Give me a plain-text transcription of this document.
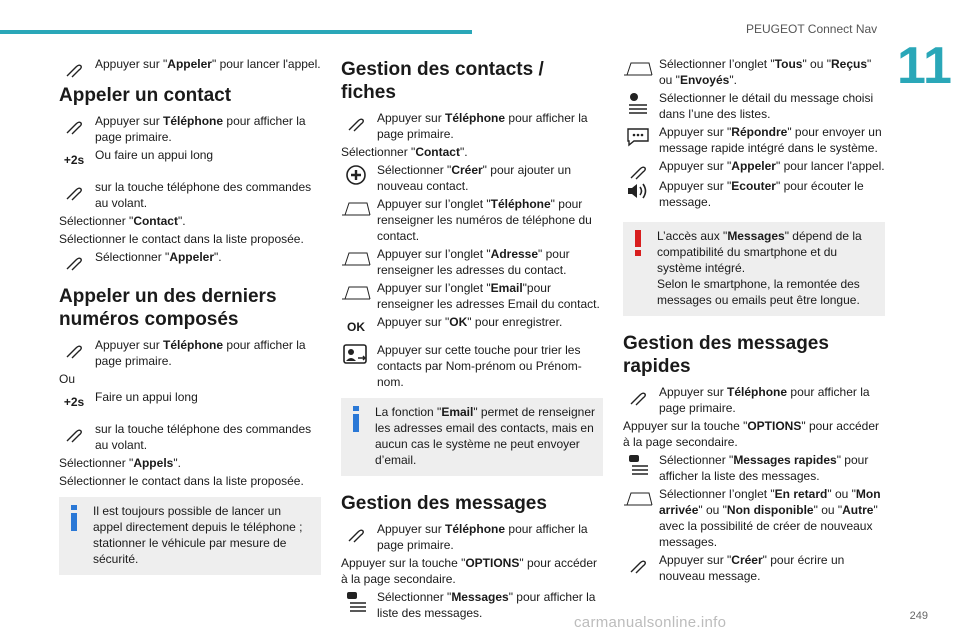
PEUGEOT Connect Nav
11
249
carmanualsonline.info
Appuyer sur "Appeler" pour lancer l'appel.
Appeler un contact
Appuyer sur Téléphone pour afficher la page primaire.
+2s Ou faire un appui long
sur la touche téléphone des commandes au volant.
Sélectionner "Contact".
Sélectionner le contact dans la liste proposée.
Sélectionner "Appeler".
Appeler un des derniers numéros composés
Appuyer sur Téléphone pour afficher la page primaire.
Ou
+2s Faire un appui long
sur la touche téléphone des commandes au volant.
Sélectionner "Appels".
Sélectionner le contact dans la liste proposée.
Il est toujours possible de lancer un appel directement depuis le téléphone ; stationner le véhicule par mesure de sécurité.
Gestion des contacts / fiches
Appuyer sur Téléphone pour afficher la page primaire.
Sélectionner "Contact".
Sélectionner "Créer" pour ajouter un nouveau contact.
Appuyer sur l’onglet "Téléphone" pour renseigner les numéros de téléphone du contact.
Appuyer sur l’onglet "Adresse" pour renseigner les adresses du contact.
Appuyer sur l’onglet "Email"pour renseigner les adresses Email du contact.
OK Appuyer sur "OK" pour enregistrer.
Appuyer sur cette touche pour trier les contacts par Nom-prénom ou Prénom-nom.
La fonction "Email" permet de renseigner les adresses email des contacts, mais en aucun cas le système ne peut envoyer d’email.
Gestion des messages
Appuyer sur Téléphone pour afficher la page primaire.
Appuyer sur la touche "OPTIONS" pour accéder à la page secondaire.
Sélectionner "Messages" pour afficher la liste des messages.
Sélectionner l’onglet "Tous" ou "Reçus" ou "Envoyés".
Sélectionner le détail du message choisi dans l’une des listes.
Appuyer sur "Répondre" pour envoyer un message rapide intégré dans le système.
Appuyer sur "Appeler" pour lancer l'appel.
Appuyer sur "Ecouter" pour écouter le message.
L’accès aux "Messages" dépend de la compatibilité du smartphone et du système intégré.
Selon le smartphone, la remontée des messages ou emails peut être longue.
Gestion des messages rapides
Appuyer sur Téléphone pour afficher la page primaire.
Appuyer sur la touche "OPTIONS" pour accéder à la page secondaire.
Sélectionner "Messages rapides" pour afficher la liste des messages.
Sélectionner l’onglet "En retard" ou "Mon arrivée" ou "Non disponible" ou "Autre" avec la possibilité de créer de nouveaux messages.
Appuyer sur "Créer" pour écrire un nouveau message.
